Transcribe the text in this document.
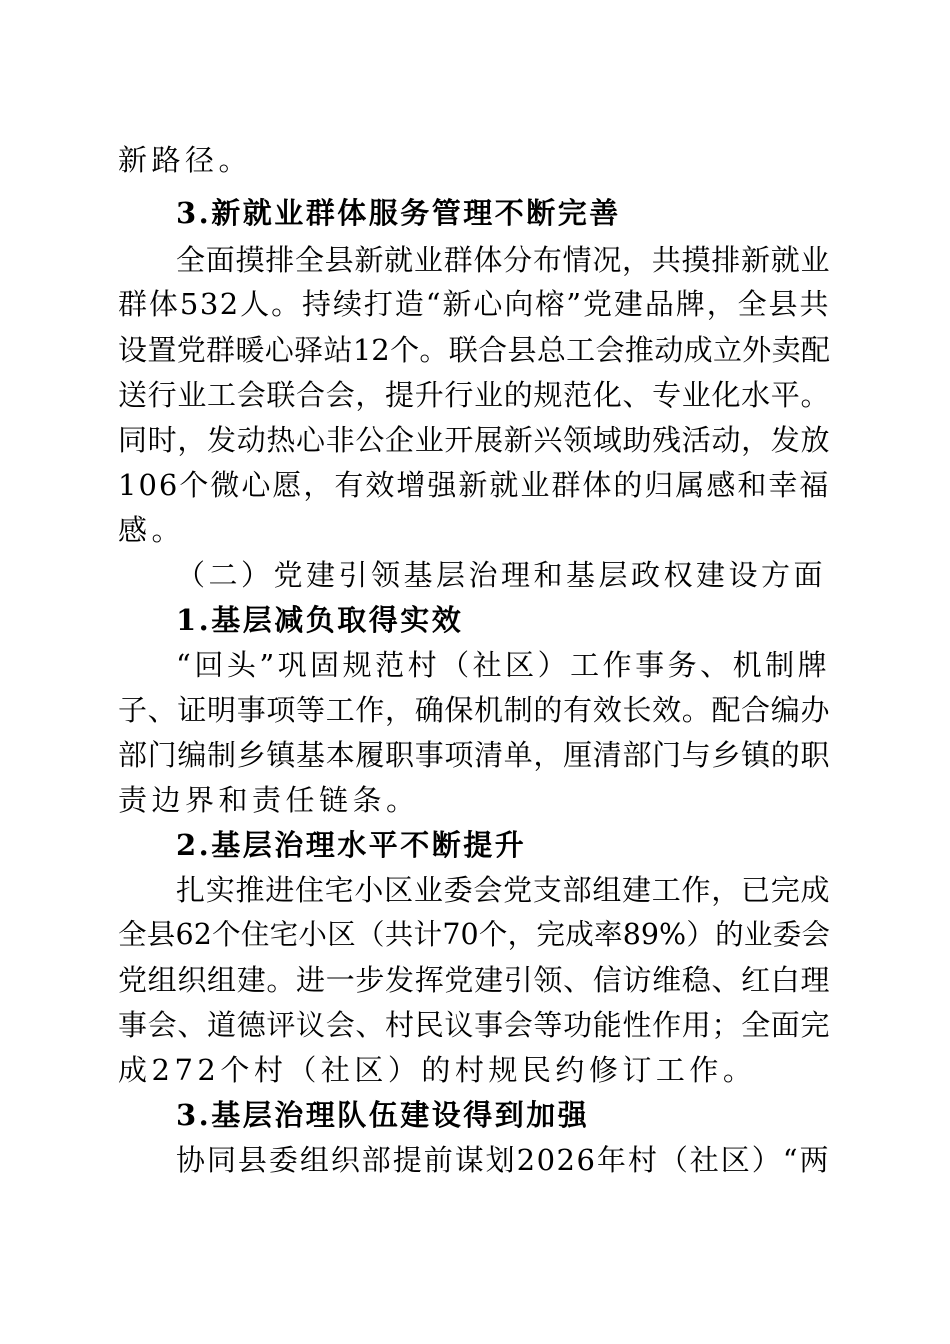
新路径。
3.新就业群体服务管理不断完善
全面摸排全县新就业群体分布情况，共摸排新就业
群体532人。持续打造“新心向榕”党建品牌，全县共
设置党群暖心驿站12个。联合县总工会推动成立外卖配
送行业工会联合会，提升行业的规范化、专业化水平。
同时，发动热心非公企业开展新兴领域助残活动，发放
106个微心愿，有效增强新就业群体的归属感和幸福
感。
（二）党建引领基层治理和基层政权建设方面
1.基层减负取得实效
“回头”巩固规范村（社区）工作事务、机制牌
子、证明事项等工作，确保机制的有效长效。配合编办
部门编制乡镇基本履职事项清单，厘清部门与乡镇的职
责边界和责任链条。
2.基层治理水平不断提升
扎实推进住宅小区业委会党支部组建工作，已完成
全县62个住宅小区（共计70个，完成率89%）的业委会
党组织组建。进一步发挥党建引领、信访维稳、红白理
事会、道德评议会、村民议事会等功能性作用；全面完
成272个村（社区）的村规民约修订工作。
3.基层治理队伍建设得到加强
协同县委组织部提前谋划2026年村（社区）“两
